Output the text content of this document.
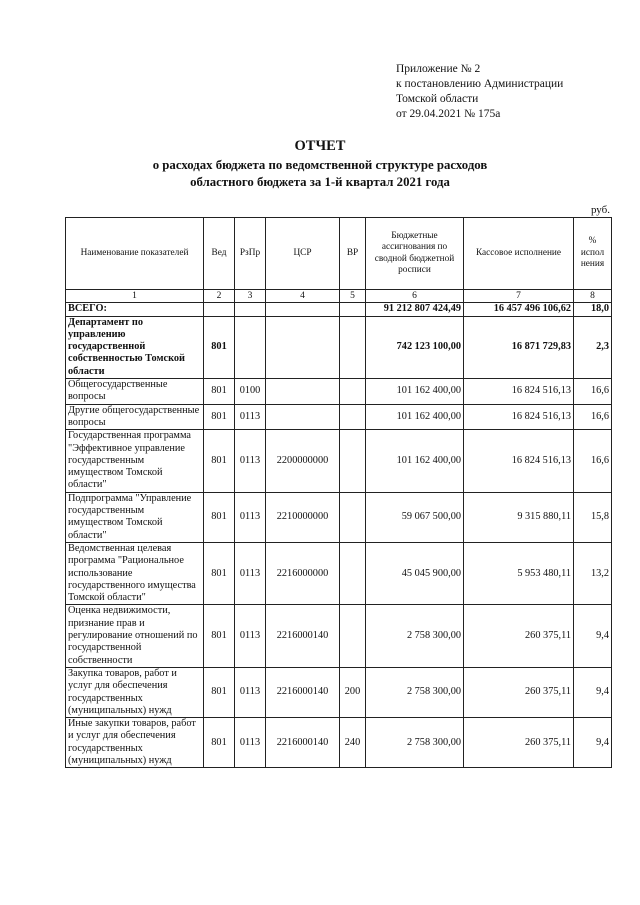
Приложение № 2
к постановлению Администрации
Томской области
от 29.04.2021 № 175а
ОТЧЕТ
о расходах бюджета по ведомственной структуре расходов
областного бюджета за 1-й квартал 2021 года
руб.
Наименование показателей	Вед	РзПр	ЦСР	ВР	Бюджетные ассигнования по сводной бюджетной росписи	Кассовое исполнение	% испол нения
1	2	3	4	5	6	7	8
ВСЕГО:					91 212 807 424,49	16 457 496 106,62	18,0
Департамент по управлению государственной собственностью Томской области	801				742 123 100,00	16 871 729,83	2,3
Общегосударственные вопросы	801	0100			101 162 400,00	16 824 516,13	16,6
Другие общегосударственные вопросы	801	0113			101 162 400,00	16 824 516,13	16,6
Государственная программа "Эффективное управление государственным имуществом Томской области"	801	0113	2200000000		101 162 400,00	16 824 516,13	16,6
Подпрограмма "Управление государственным имуществом Томской области"	801	0113	2210000000		59 067 500,00	9 315 880,11	15,8
Ведомственная целевая программа "Рациональное использование государственного имущества Томской области"	801	0113	2216000000		45 045 900,00	5 953 480,11	13,2
Оценка недвижимости, признание прав и регулирование отношений по государственной собственности	801	0113	2216000140		2 758 300,00	260 375,11	9,4
Закупка товаров, работ и услуг для обеспечения государственных (муниципальных) нужд	801	0113	2216000140	200	2 758 300,00	260 375,11	9,4
Иные закупки товаров, работ и услуг для обеспечения государственных (муниципальных) нужд	801	0113	2216000140	240	2 758 300,00	260 375,11	9,4
